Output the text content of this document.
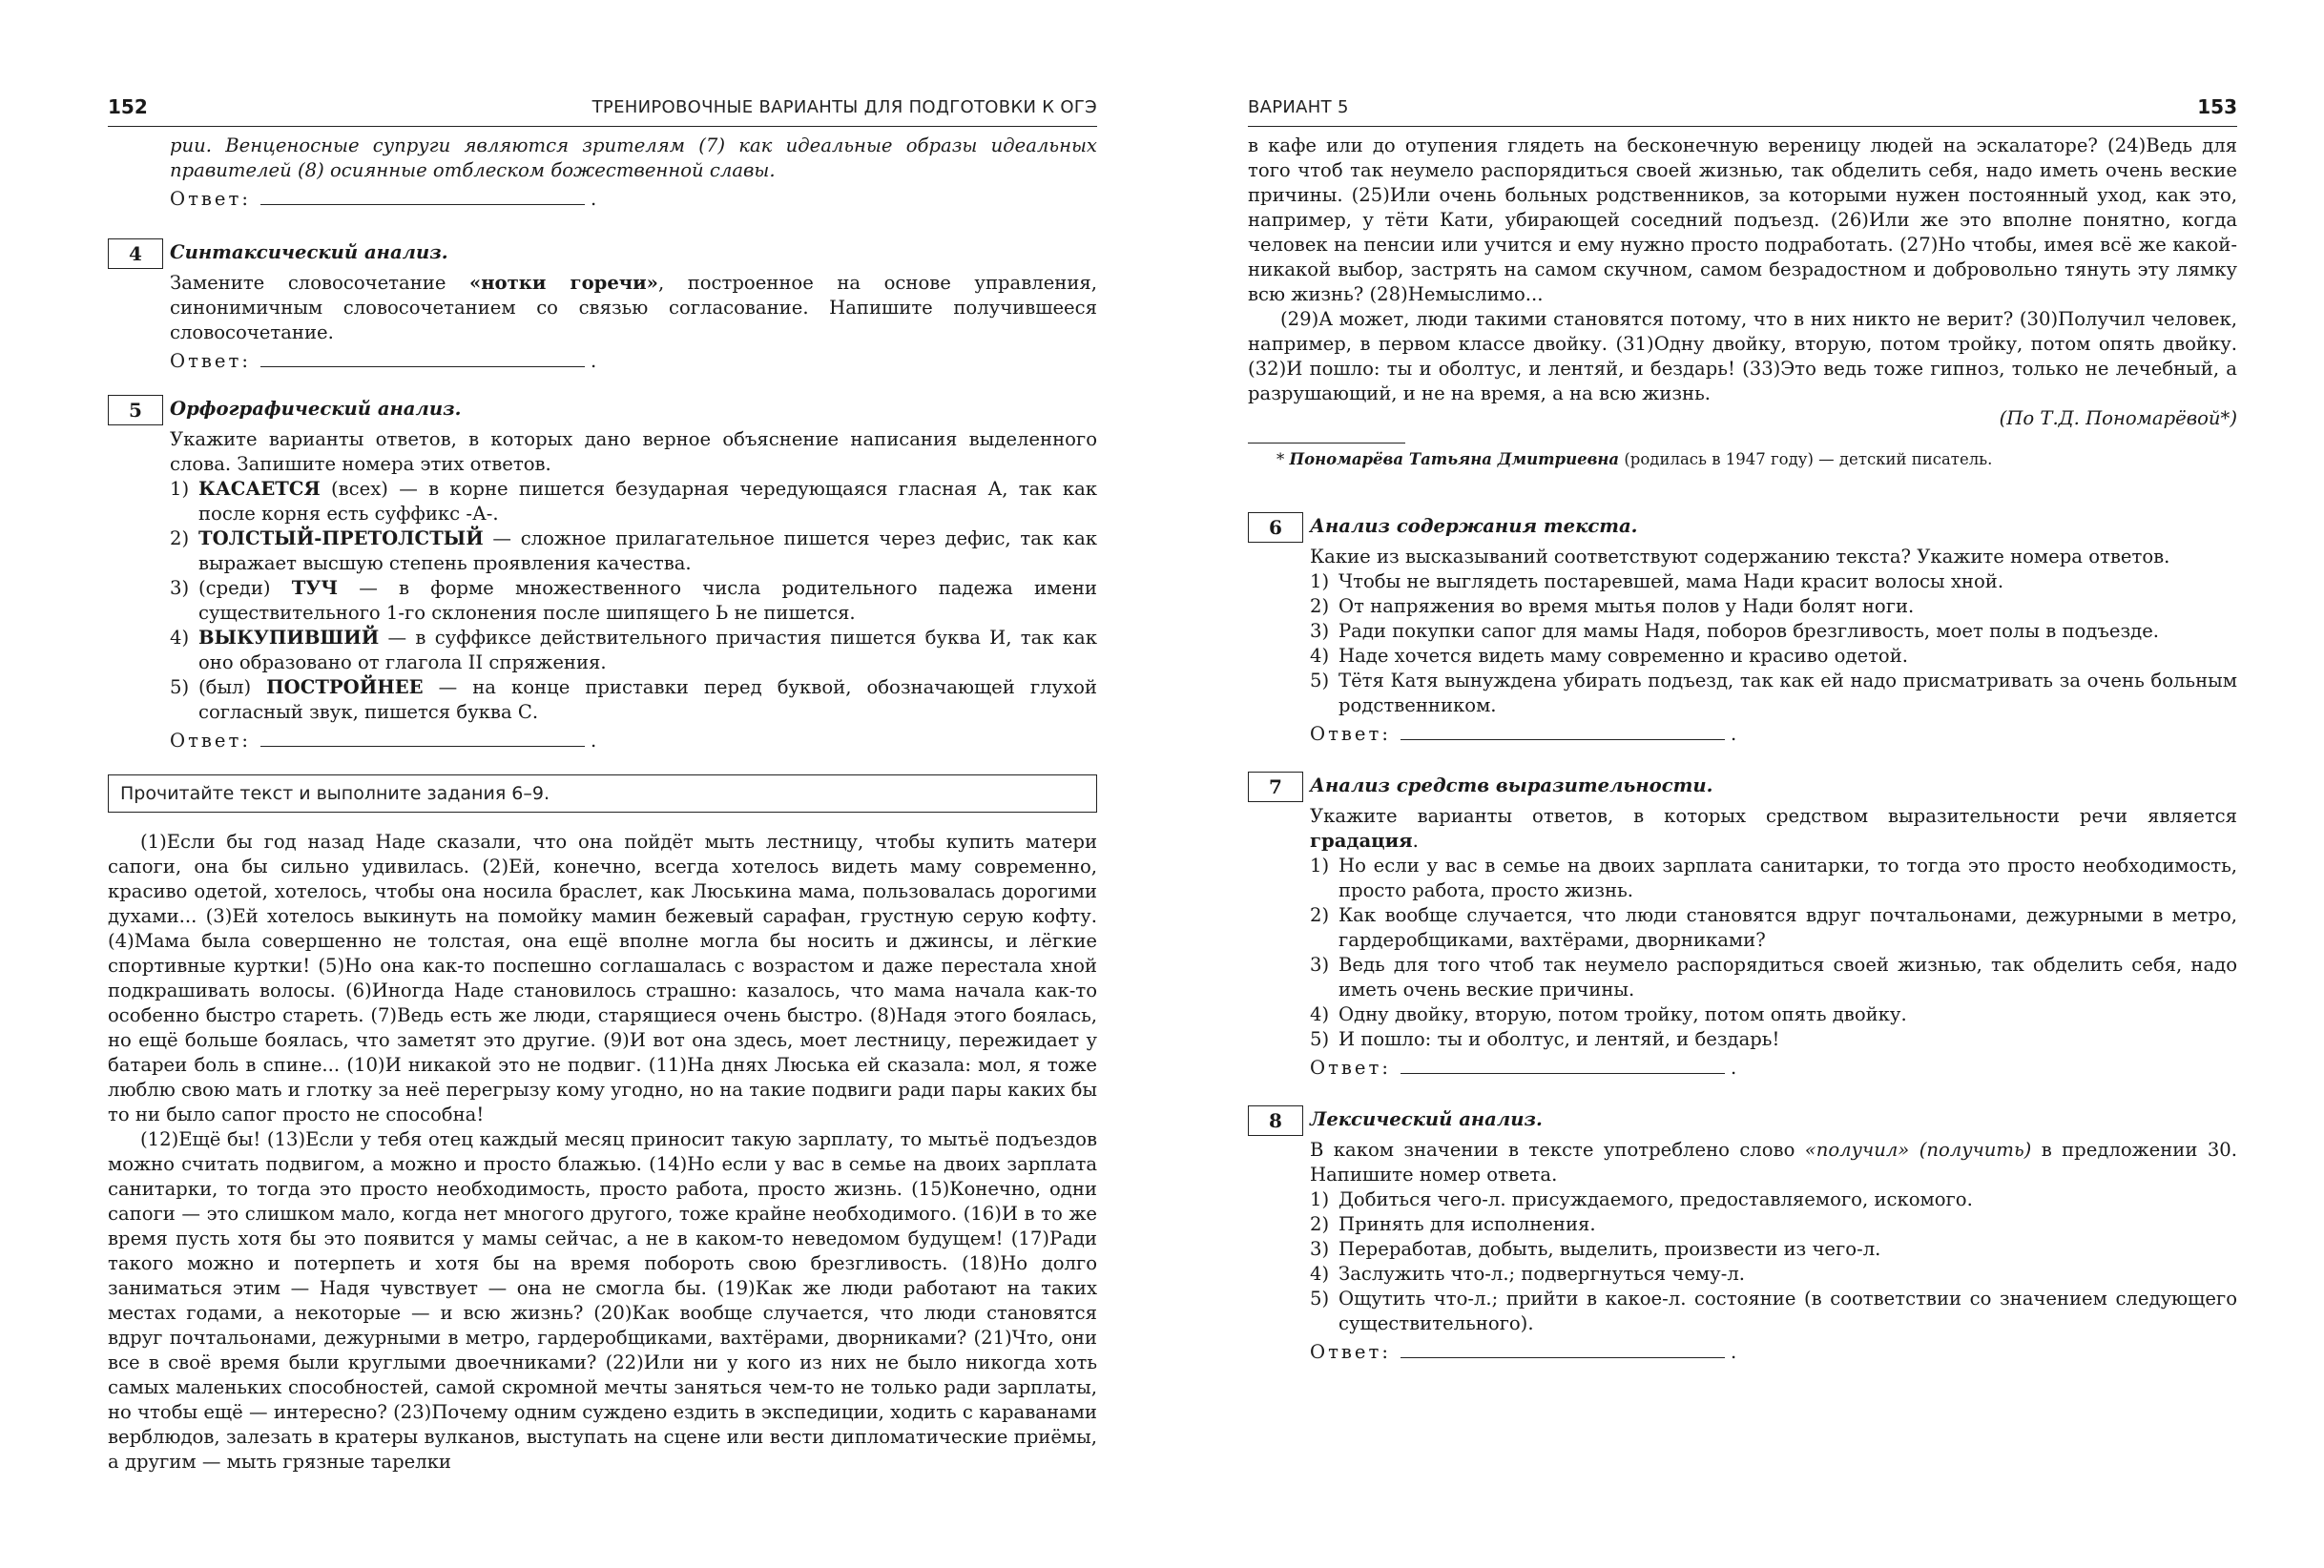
152	ТРЕНИРОВОЧНЫЕ ВАРИАНТЫ ДЛЯ ПОДГОТОВКИ К ОГЭ

рии. Венценосные супруги являются зрителям (7) как идеальные образы идеальных правителей (8) осиянные отблеском божественной славы.

Ответ:	.
4	Синтаксический анализ.

Замените словосочетание «нотки горечи», построенное на основе управления, синонимичным словосочетанием со связью согласование. Напишите получившееся словосочетание.

Ответ:	.
5	Орфографический анализ.

Укажите варианты ответов, в которых дано верное объяснение написания выделенного слова. Запишите номера этих ответов.

1) КАСАЕТСЯ (всех) — в корне пишется безударная чередующаяся гласная А, так как после корня есть суффикс -А-.
2) ТОЛСТЫЙ-ПРЕТОЛСТЫЙ — сложное прилагательное пишется через дефис, так как выражает высшую степень проявления качества.
3) (среди) ТУЧ — в форме множественного числа родительного падежа имени существительного 1-го склонения после шипящего Ь не пишется.
4) ВЫКУПИВШИЙ — в суффиксе действительного причастия пишется буква И, так как оно образовано от глагола II спряжения.
5) (был) ПОСТРОЙНЕЕ — на конце приставки перед буквой, обозначающей глухой согласный звук, пишется буква С.
Ответ:	.
Прочитайте текст и выполните задания 6–9.

(1)Если бы год назад Наде сказали, что она пойдёт мыть лестницу, чтобы купить матери сапоги, она бы сильно удивилась. (2)Ей, конечно, всегда хотелось видеть маму современно, красиво одетой, хотелось, чтобы она носила браслет, как Люськина мама, пользовалась дорогими духами... (3)Ей хотелось выкинуть на помойку мамин бежевый сарафан, грустную серую кофту. (4)Мама была совершенно не толстая, она ещё вполне могла бы носить и джинсы, и лёгкие спортивные куртки! (5)Но она как-то поспешно соглашалась с возрастом и даже перестала хной подкрашивать волосы. (6)Иногда Наде становилось страшно: казалось, что мама начала как-то особенно быстро стареть. (7)Ведь есть же люди, старящиеся очень быстро. (8)Надя этого боялась, но ещё больше боялась, что заметят это другие. (9)И вот она здесь, моет лестницу, пережидает у батареи боль в спине... (10)И никакой это не подвиг. (11)На днях Люська ей сказала: мол, я тоже люблю свою мать и глотку за неё перегрызу кому угодно, но на такие подвиги ради пары каких бы то ни было сапог просто не способна!

(12)Ещё бы! (13)Если у тебя отец каждый месяц приносит такую зарплату, то мытьё подъездов можно считать подвигом, а можно и просто блажью. (14)Но если у вас в семье на двоих зарплата санитарки, то тогда это просто необходимость, просто работа, просто жизнь. (15)Конечно, одни сапоги — это слишком мало, когда нет многого другого, тоже крайне необходимого. (16)И в то же время пусть хотя бы это появится у мамы сейчас, а не в каком-то неведомом будущем! (17)Ради такого можно и потерпеть и хотя бы на время побороть свою брезгливость. (18)Но долго заниматься этим — Надя чувствует — она не смогла бы. (19)Как же люди работают на таких местах годами, а некоторые — и всю жизнь? (20)Как вообще случается, что люди становятся вдруг почтальонами, дежурными в метро, гардеробщиками, вахтёрами, дворниками? (21)Что, они все в своё время были круглыми двоечниками? (22)Или ни у кого из них не было никогда хоть самых маленьких способностей, самой скромной мечты заняться чем-то не только ради зарплаты, но чтобы ещё — интересно? (23)Почему одним суждено ездить в экспедиции, ходить с караванами верблюдов, залезать в кратеры вулканов, выступать на сцене или вести дипломатические приёмы, а другим — мыть грязные тарелки

ВАРИАНТ 5	153

в кафе или до отупения глядеть на бесконечную вереницу людей на эскалаторе? (24)Ведь для того чтоб так неумело распорядиться своей жизнью, так обделить себя, надо иметь очень веские причины. (25)Или очень больных родственников, за которыми нужен постоянный уход, как это, например, у тёти Кати, убирающей соседний подъезд. (26)Или же это вполне понятно, когда человек на пенсии или учится и ему нужно просто подработать. (27)Но чтобы, имея всё же какой-никакой выбор, застрять на самом скучном, самом безрадостном и добровольно тянуть эту лямку всю жизнь? (28)Немыслимо...

(29)А может, люди такими становятся потому, что в них никто не верит? (30)Получил человек, например, в первом классе двойку. (31)Одну двойку, вторую, потом тройку, потом опять двойку. (32)И пошло: ты и оболтус, и лентяй, и бездарь! (33)Это ведь тоже гипноз, только не лечебный, а разрушающий, и не на время, а на всю жизнь.

(По Т.Д. Пономарёвой*)

* Пономарёва Татьяна Дмитриевна (родилась в 1947 году) — детский писатель.
6	Анализ содержания текста.

Какие из высказываний соответствуют содержанию текста? Укажите номера ответов.

1) Чтобы не выглядеть постаревшей, мама Нади красит волосы хной.
2) От напряжения во время мытья полов у Нади болят ноги.
3) Ради покупки сапог для мамы Надя, поборов брезгливость, моет полы в подъезде.
4) Наде хочется видеть маму современно и красиво одетой.
5) Тётя Катя вынуждена убирать подъезд, так как ей надо присматривать за очень больным родственником.
Ответ:	.
7	Анализ средств выразительности.

Укажите варианты ответов, в которых средством выразительности речи является градация.

1) Но если у вас в семье на двоих зарплата санитарки, то тогда это просто необходимость, просто работа, просто жизнь.
2) Как вообще случается, что люди становятся вдруг почтальонами, дежурными в метро, гардеробщиками, вахтёрами, дворниками?
3) Ведь для того чтоб так неумело распорядиться своей жизнью, так обделить себя, надо иметь очень веские причины.
4) Одну двойку, вторую, потом тройку, потом опять двойку.
5) И пошло: ты и оболтус, и лентяй, и бездарь!
Ответ:	.
8	Лексический анализ.

В каком значении в тексте употреблено слово «получил» (получить) в предложении 30. Напишите номер ответа.

1) Добиться чего-л. присуждаемого, предоставляемого, искомого.
2) Принять для исполнения.
3) Переработав, добыть, выделить, произвести из чего-л.
4) Заслужить что-л.; подвергнуться чему-л.
5) Ощутить что-л.; прийти в какое-л. состояние (в соответствии со значением следующего существительного).
Ответ:	.
